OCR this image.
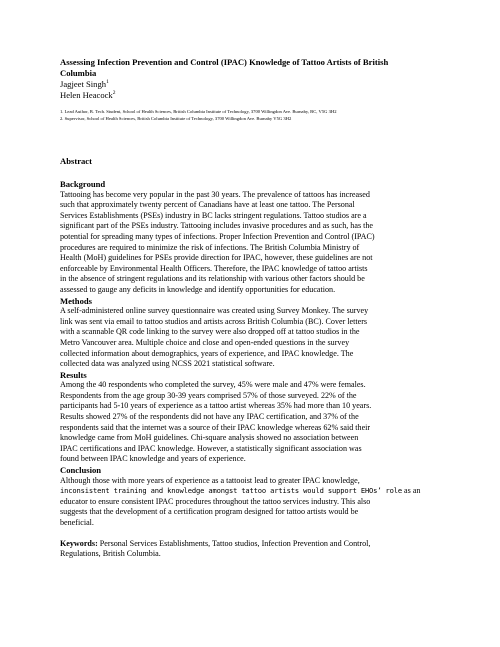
Assessing Infection Prevention and Control (IPAC) Knowledge of Tattoo Artists of British
Columbia

Jagjeet Singh$^1$

Helen Heacock$^2$

1. Lead Author, B. Tech. Student, School of Health Sciences, British Columbia Institute of Technology, 3700 Willingdon Ave. Burnaby, BC, V5G 3H2

2. Supervisor, School of Health Sciences, British Columbia Institute of Technology, 3700 Willingdon Ave. Burnaby V5G 3H2

Abstract

Background

Tattooing has become very popular in the past 30 years. The prevalence of tattoos has increased
such that approximately twenty percent of Canadians have at least one tattoo. The Personal
Services Establishments (PSEs) industry in BC lacks stringent regulations. Tattoo studios are a
significant part of the PSEs industry. Tattooing includes invasive procedures and as such, has the
potential for spreading many types of infections. Proper Infection Prevention and Control (IPAC)
procedures are required to minimize the risk of infections. The British Columbia Ministry of
Health (MoH) guidelines for PSEs provide direction for IPAC, however, these guidelines are not
enforceable by Environmental Health Officers. Therefore, the IPAC knowledge of tattoo artists
in the absence of stringent regulations and its relationship with various other factors should be
assessed to gauge any deficits in knowledge and identify opportunities for education.

Methods

A self-administered online survey questionnaire was created using Survey Monkey. The survey
link was sent via email to tattoo studios and artists across British Columbia (BC). Cover letters
with a scannable QR code linking to the survey were also dropped off at tattoo studios in the
Metro Vancouver area. Multiple choice and close and open-ended questions in the survey
collected information about demographics, years of experience, and IPAC knowledge. The
collected data was analyzed using NCSS 2021 statistical software.

Results

Among the 40 respondents who completed the survey, 45% were male and 47% were females.
Respondents from the age group 30-39 years comprised 57% of those surveyed. 22% of the
participants had 5-10 years of experience as a tattoo artist whereas 35% had more than 10 years.
Results showed 27% of the respondents did not have any IPAC certification, and 37% of the
respondents said that the internet was a source of their IPAC knowledge whereas 62% said their
knowledge came from MoH guidelines. Chi-square analysis showed no association between
IPAC certifications and IPAC knowledge. However, a statistically significant association was
found between IPAC knowledge and years of experience.

Conclusion

Although those with more years of experience as a tattooist lead to greater IPAC knowledge,
inconsistent training and knowledge amongst tattoo artists would support EHOs’ role as an
educator to ensure consistent IPAC procedures throughout the tattoo services industry. This also
suggests that the development of a certification program designed for tattoo artists would be
beneficial.

Keywords: Personal Services Establishments, Tattoo studios, Infection Prevention and Control,
Regulations, British Columbia.
